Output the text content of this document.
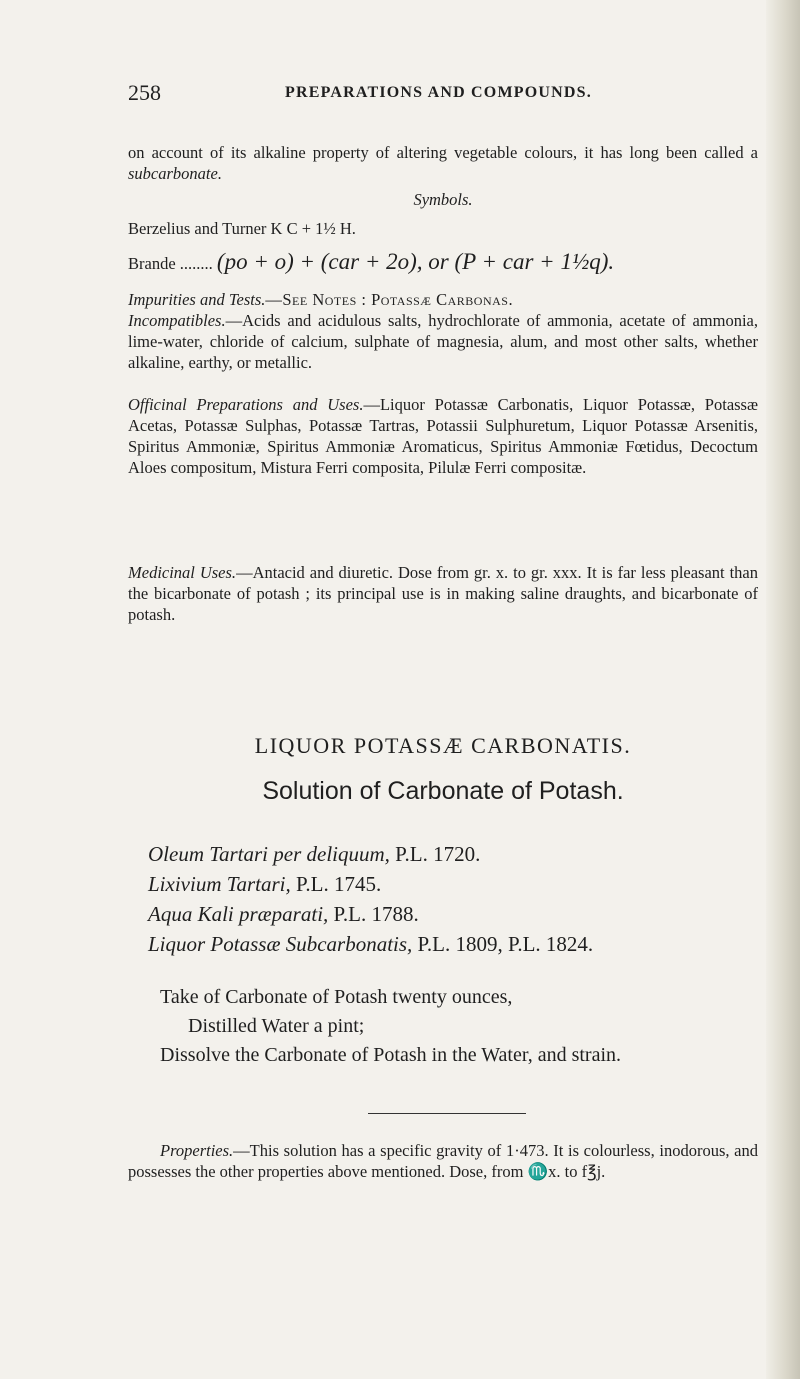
258	PREPARATIONS AND COMPOUNDS.
on account of its alkaline property of altering vegetable colours, it has long been called a subcarbonate.
Symbols.
Berzelius and Turner K C + 1½ H.
Brande ........ (po + o) + (car + 2o), or (P + car + 1½q).
Impurities and Tests.—See Notes : Potassæ Carbonas.
Incompatibles.—Acids and acidulous salts, hydrochlorate of ammonia, acetate of ammonia, lime-water, chloride of calcium, sulphate of magnesia, alum, and most other salts, whether alkaline, earthy, or metallic.
Officinal Preparations and Uses.—Liquor Potassæ Carbonatis, Liquor Potassæ, Potassæ Acetas, Potassæ Sulphas, Potassæ Tartras, Potassii Sulphuretum, Liquor Potassæ Arsenitis, Spiritus Ammoniæ, Spiritus Ammoniæ Aromaticus, Spiritus Ammoniæ Fœtidus, Decoctum Aloes compositum, Mistura Ferri composita, Pilulæ Ferri compositæ.
Medicinal Uses.—Antacid and diuretic. Dose from gr. x. to gr. xxx. It is far less pleasant than the bicarbonate of potash ; its principal use is in making saline draughts, and bicarbonate of potash.
LIQUOR POTASSÆ CARBONATIS.
Solution of Carbonate of Potash.
Oleum Tartari per deliquum, P.L. 1720.
Lixivium Tartari, P.L. 1745.
Aqua Kali præparati, P.L. 1788.
Liquor Potassæ Subcarbonatis, P.L. 1809, P.L. 1824.
Take of Carbonate of Potash twenty ounces,
Distilled Water a pint;
Dissolve the Carbonate of Potash in the Water, and strain.
Properties.—This solution has a specific gravity of 1·473. It is colourless, inodorous, and possesses the other properties above mentioned. Dose, from ♏x. to f℥j.
